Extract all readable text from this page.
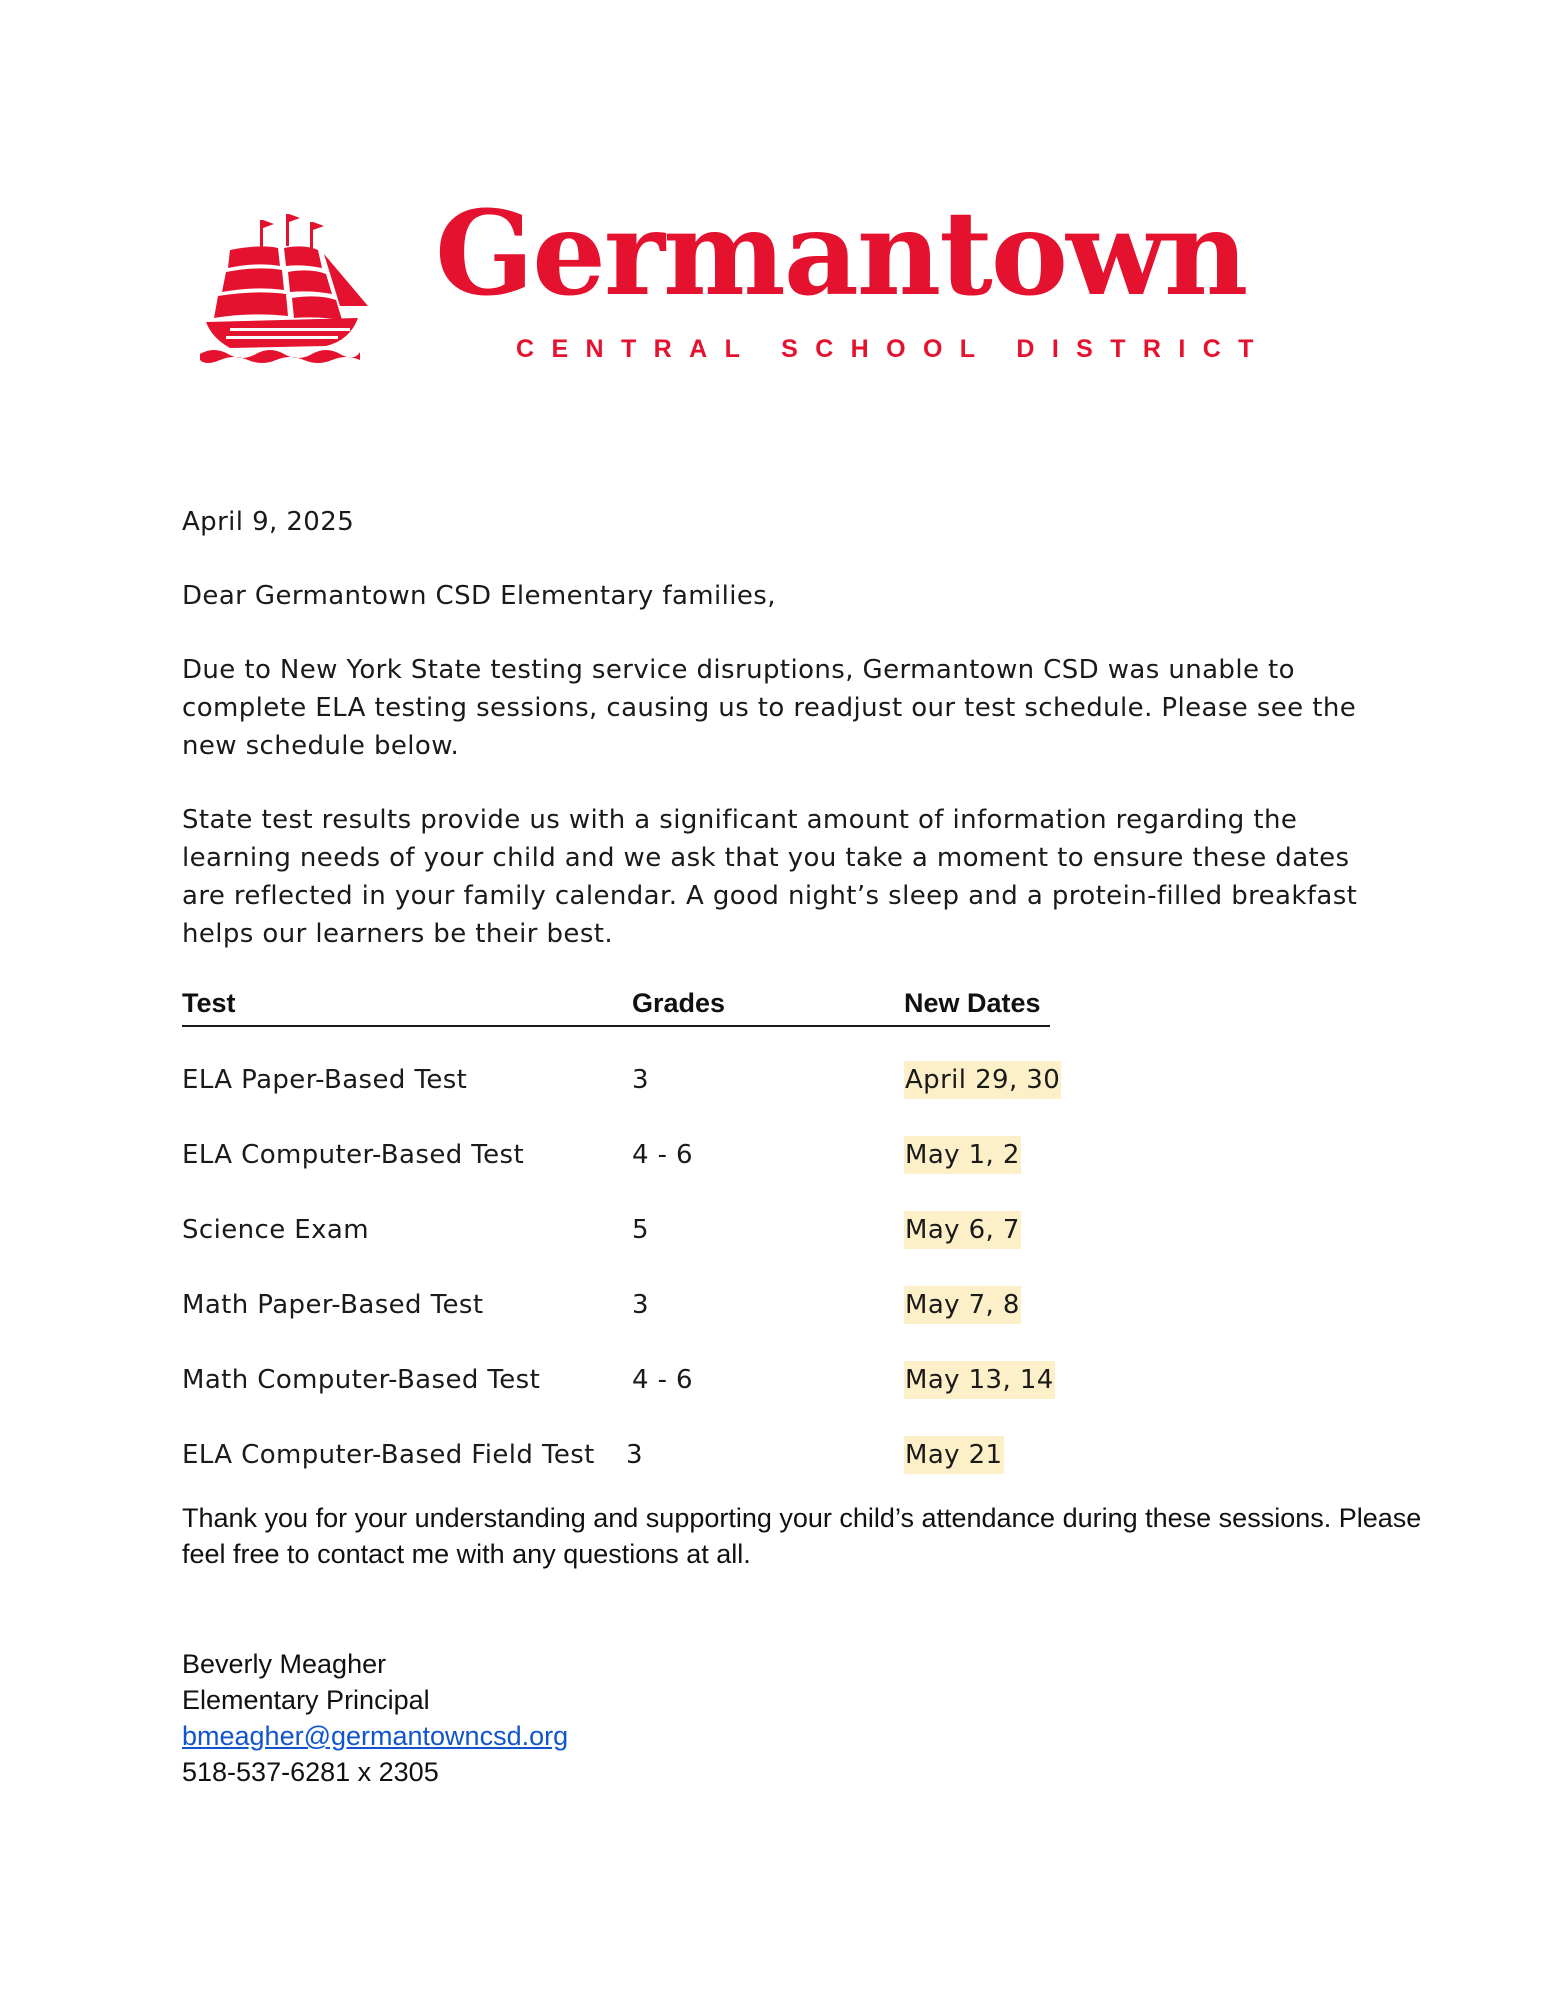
Germantown
CENTRAL SCHOOL DISTRICT

April 9, 2025

Dear Germantown CSD Elementary families,

Due to New York State testing service disruptions, Germantown CSD was unable to complete ELA testing sessions, causing us to readjust our test schedule. Please see the new schedule below.

State test results provide us with a significant amount of information regarding the learning needs of your child and we ask that you take a moment to ensure these dates are reflected in your family calendar. A good night’s sleep and a protein-filled breakfast helps our learners be their best.

Test	Grades	New Dates
ELA Paper-Based Test	3	April 29, 30
ELA Computer-Based Test	4 - 6	May 1, 2
Science Exam	5	May 6, 7
Math Paper-Based Test	3	May 7, 8
Math Computer-Based Test	4 - 6	May 13, 14
ELA Computer-Based Field Test 3	May 21

Thank you for your understanding and supporting your child’s attendance during these sessions. Please feel free to contact me with any questions at all.

Beverly Meagher
Elementary Principal
bmeagher@germantowncsd.org
518-537-6281 x 2305
